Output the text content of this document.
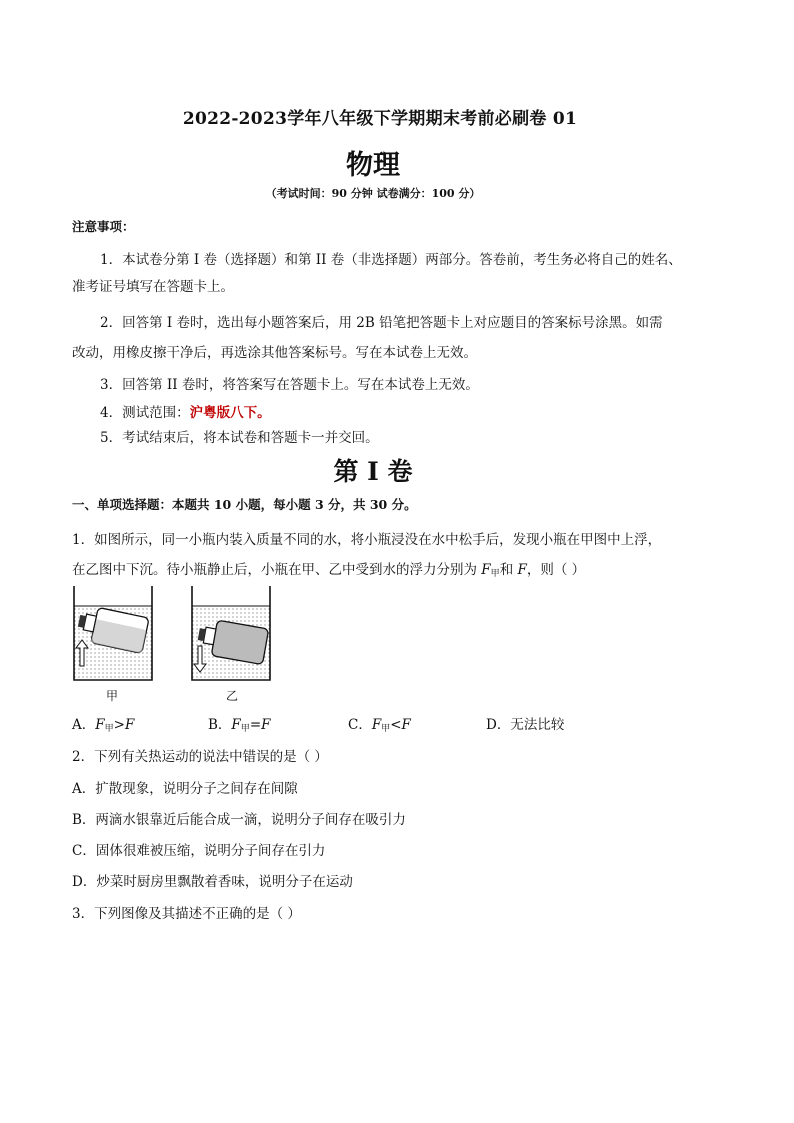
2022-2023学年八年级下学期期末考前必刷卷 01
物理
（考试时间：90 分钟 试卷满分：100 分）
注意事项：
1．本试卷分第 I 卷（选择题）和第 II 卷（非选择题）两部分。答卷前，考生务必将自己的姓名、
准考证号填写在答题卡上。
2．回答第 I 卷时，选出每小题答案后，用 2B 铅笔把答题卡上对应题目的答案标号涂黑。如需
改动，用橡皮擦干净后，再选涂其他答案标号。写在本试卷上无效。
3．回答第 II 卷时，将答案写在答题卡上。写在本试卷上无效。
4．测试范围：沪粤版八下。
5．考试结束后，将本试卷和答题卡一并交回。
第 I 卷
一、单项选择题：本题共 10 小题，每小题 3 分，共 30 分。
1．如图所示，同一小瓶内装入质量不同的水，将小瓶浸没在水中松手后，发现小瓶在甲图中上浮，
在乙图中下沉。待小瓶静止后，小瓶在甲、乙中受到水的浮力分别为 $F_甲$和 F，则（ ）
甲	乙
A．$F_甲>F$	B．$F_甲=F$	C．$F_甲<F$	D．无法比较
2．下列有关热运动的说法中错误的是（ ）
A．扩散现象，说明分子之间存在间隙
B．两滴水银靠近后能合成一滴，说明分子间存在吸引力
C．固体很难被压缩，说明分子间存在引力
D．炒菜时厨房里飘散着香味，说明分子在运动
3．下列图像及其描述不正确的是（ ）
